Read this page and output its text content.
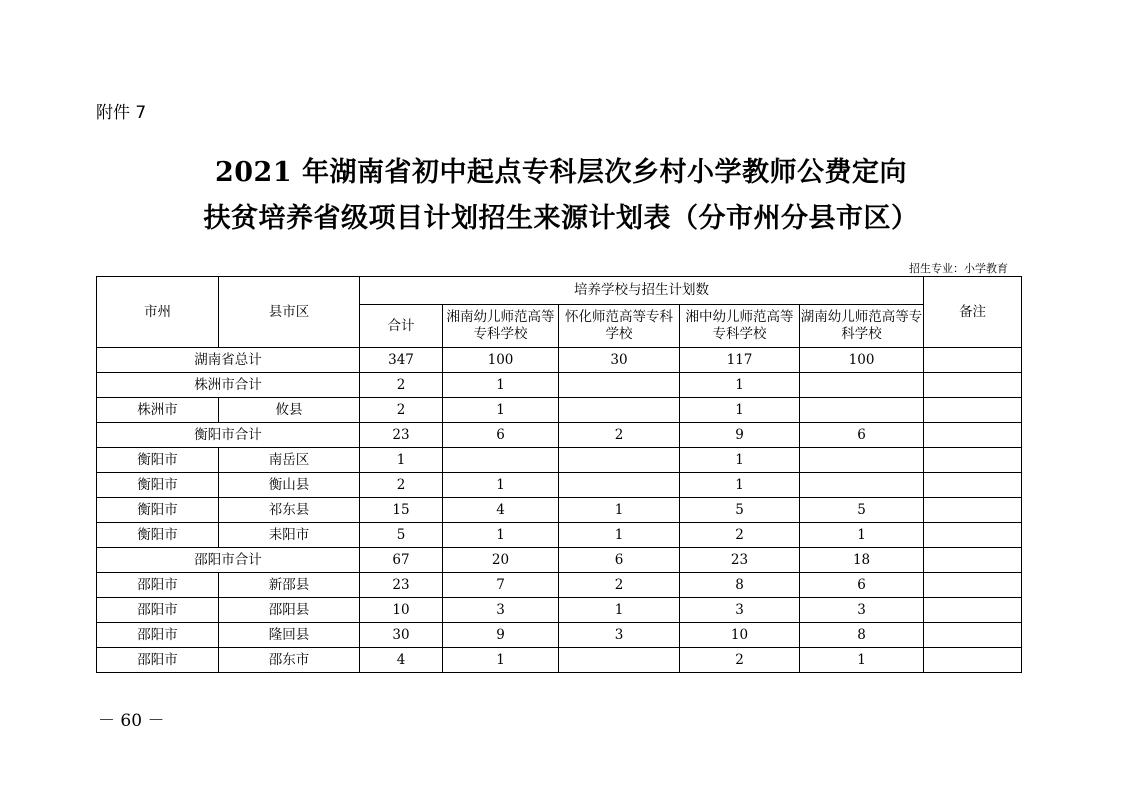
附件 7
2021 年湖南省初中起点专科层次乡村小学教师公费定向
扶贫培养省级项目计划招生来源计划表（分市州分县市区）
招生专业：小学教育
市州	县市区	培养学校与招生计划数					备注
		合计	湘南幼儿师范高等专科学校	怀化师范高等专科学校	湘中幼儿师范高等专科学校	湖南幼儿师范高等专科学校	
湖南省总计		347	100	30	117	100	
株洲市合计		2	1		1		
株洲市	攸县	2	1		1		
衡阳市合计		23	6	2	9	6	
衡阳市	南岳区	1			1		
衡阳市	衡山县	2	1		1		
衡阳市	祁东县	15	4	1	5	5	
衡阳市	耒阳市	5	1	1	2	1	
邵阳市合计		67	20	6	23	18	
邵阳市	新邵县	23	7	2	8	6	
邵阳市	邵阳县	10	3	1	3	3	
邵阳市	隆回县	30	9	3	10	8	
邵阳市	邵东市	4	1		2	1	
－ 60 －
